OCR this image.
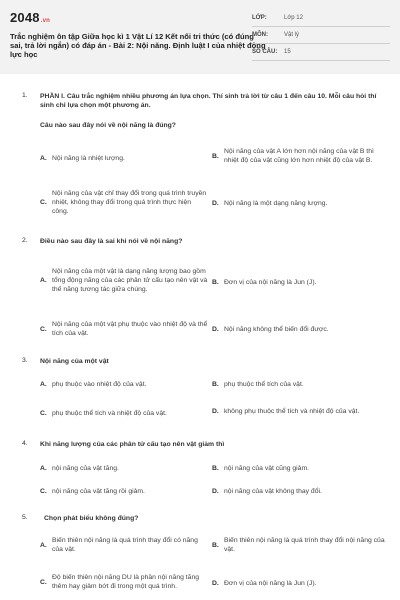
2048.vn
Trắc nghiệm ôn tập Giữa học kì 1 Vật Lí 12 Kết nối tri thức (có đúng sai, trả lời ngắn) có đáp án - Bài 2: Nội năng. Định luật I của nhiệt động lực học
LỚP:	Lớp 12
MÔN:	Vật lý
SỐ CÂU:	15
1. PHẦN I. Câu trắc nghiệm nhiều phương án lựa chọn. Thí sinh trả lời từ câu 1 đến câu 10. Mỗi câu hỏi thí sinh chỉ lựa chọn một phương án.
Câu nào sau đây nói về nội năng là đúng?
A. Nội năng là nhiệt lượng.	B.
Nội năng của vật A lớn hơn nội năng của vật B thì nhiệt độ của vật cũng lớn hơn nhiệt độ của vật B.
C.
Nội năng của vật chỉ thay đổi trong quá trình truyền nhiệt, không thay đổi trong quá trình thực hiện công.
D. Nội năng là một dạng năng lượng.
2. Điều nào sau đây là sai khi nói về nội năng?
A.
Nội năng của một vật là dạng năng lượng bao gồm tổng động năng của các phân tử cấu tạo nên vật và thế năng tương tác giữa chúng.
B. Đơn vị của nội năng là Jun (J).
C.
Nội năng của một vật phụ thuộc vào nhiệt độ và thể tích của vật.
D. Nội năng không thể biến đổi được.
3. Nội năng của một vật
A. phụ thuộc vào nhiệt độ của vật.	B. phụ thuộc thể tích của vật.
C. phụ thuộc thể tích và nhiệt độ của vật.	D. không phụ thuộc thể tích và nhiệt độ của vật.
4. Khi năng lượng của các phân tử cấu tạo nên vật giảm thì
A. nội năng của vật tăng.	B. nội năng của vật cũng giảm.
C. nội năng của vật tăng rồi giảm.	D. nội năng của vật không thay đổi.
5. Chọn phát biểu không đúng?
A.
Biến thiên nội năng là quá trình thay đổi có năng của vật.
B.
Biến thiên nội năng là quá trình thay đổi nội năng của vật.
C.
Độ biến thiên nội năng DU là phần nội năng tăng thêm hay giảm bớt đi trong một quá trình.	D. Đơn vị của nội năng là Jun (J).
